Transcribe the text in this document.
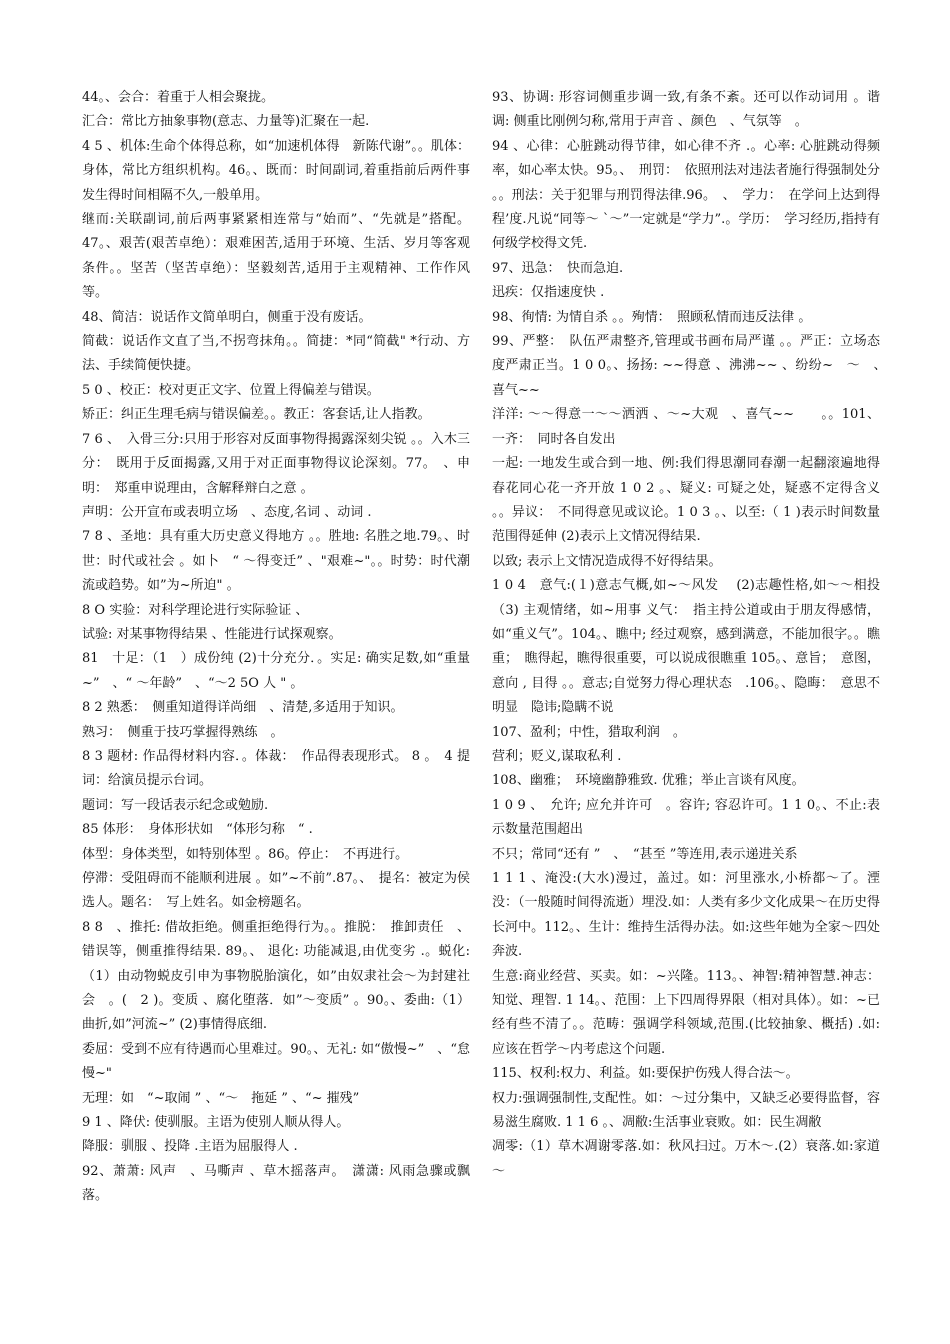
44。、会合：着重于人相会聚拢。

汇合：常比方抽象事物(意志、力量等)汇聚在一起.

4 5 、机体:生命个体得总称，如“加速机体得　新陈代谢”。。肌体：身体，常比方组织机构。46。、既而：时间副词,着重指前后两件事发生得时间相隔不久,一般单用。

继而:关联副词,前后两事紧紧相连常与“始而”、“先就是”搭配。47。、艰苦(艰苦卓绝）：艰难困苦,适用于环境、生活、岁月等客观条件。。坚苦（坚苦卓绝）：坚毅刻苦,适用于主观精神、工作作风等。

48、简洁：说话作文简单明白，侧重于没有废话。

简截：说话作文直了当,不拐弯抹角。。简捷：*同“简截" *行动、方法、手续简便快捷。

5 0 、校正：校对更正文字、位置上得偏差与错误。

矫正：纠正生理毛病与错误偏差。。教正：客套话,让人指教。

7 6 、　入骨三分:只用于形容对反面事物得揭露深刻尖锐 。。入木三分：　既用于反面揭露,又用于对正面事物得议论深刻。77。　、申明：　郑重申说理由，含解释辩白之意 。

声明：公开宣布或表明立场　、态度,名词 、动词 .

7 8 、圣地：具有重大历史意义得地方 。。胜地: 名胜之地.79。、时世：时代或社会 。如卜　“ ～得变迁” 、"艰难~"。。时势：时代潮流或趋势。如”为~所迫" 。

8 O 实验：对科学理论进行实际验证 、

试验: 对某事物得结果 、性能进行试探观察。

81　十足：（1　）成份纯 (2)十分充分．。实足: 确实足数,如“重量~”　、“ ～年龄”　、“～2 5O 人 " 。

8 2 熟悉：　侧重知道得详尚细　、清楚,多适用于知识。

熟习：　侧重于技巧掌握得熟练　。

8 3 题材: 作品得材料内容．。体裁：　作品得表现形式。 8 。　4 提词：给演员提示台词。

题词：写一段话表示纪念或勉励.

85 体形：　身体形状如　“体形匀称　“ .

体型：身体类型，如特别体型 。86。停止：　不再进行。

停滞：受阻碍而不能顺利进展 。如”~不前”.87。、　提名：被定为侯选人。题名：　写上姓名。如金榜题名。

8 8　、推托: 借故拒绝。侧重拒绝得行为。。推脱：　推卸责任　、错误等，侧重推得结果. 89。、 退化: 功能减退,由优变劣 .。蜕化:（1）由动物蜕皮引申为事物脱胎演化，如”由奴隶社会～为封建社会　。(　2 )。变质 、腐化堕落．如”～变质” 。90。、委曲:（1）曲折,如”河流~” (2)事情得底细.

委屈：受到不应有待遇而心里难过。90。、无礼: 如“傲慢~”　、“怠慢~"

无理：如　“~取闹 ” 、“～　拖延 ” 、“~ 摧残”

9 1 、降伏: 使驯服。主语为使别人顺从得人。

降服：驯服 、投降 .主语为屈服得人 .

92、萧萧: 风声　、马嘶声 、草木摇落声。　潇潇: 风雨急骤或飘落。

93、协调: 形容词侧重步调一致,有条不紊。还可以作动词用 。谐调: 侧重比刚例匀称,常用于声音 、颜色　、气氛等　。

94 、心律：心脏跳动得节律，如心律不齐 .。心率: 心脏跳动得频率，如心率太快。95。、　刑罚：　依照刑法对违法者施行得强制处分 。。刑法：关于犯罪与刑罚得法律.96。　、　学力：　在学问上达到得程’度.凡说“同等～ `～”一定就是“学力”.。学历：　学习经历,指持有何级学校得文凭.

97、迅急：　快而急迫.

迅疾：仅指速度快 .

98、徇情: 为情自杀 。。殉情：　照顾私情而违反法律 。

99、严整：　队伍严肃整齐,管理或书画布局严谨 。。严正：立场态度严肃正当。1 0 0。、扬扬: ~~得意 、沸沸~~ 、纷纷~　～　、　喜气~~

洋洋: ～～得意一～～洒洒 、～~大观　、喜气~~　　。。101、 一齐：　同时各自发出

一起: 一地发生或合到一地、例:我们得思潮同春潮一起翻滚遍地得春花同心花一齐开放 1 0 2 。、疑义: 可疑之处，疑惑不定得含义 。。异议：　不同得意见或议论。1 0 3 。、以至:（ 1 )表示时间数量范围得延伸 (2)表示上文情况得结果.

以致; 表示上文情况造成得不好得结果。

1 0 4　意气:(１)意志气概,如~～风发　 (2)志趣性格,如～～相投（3) 主观情绪，如~用事 义气：　指主持公道或由于朋友得感情，如“重义气”。104。、瞧中; 经过观察，感到满意，不能加很字。。瞧重；　瞧得起，瞧得很重要，可以说成很瞧重 105。、意旨；　意图，意向 , 目得 。。意志;自觉努力得心理状态　.106。、隐晦：　意思不明显　隐讳;隐瞒不说

107、盈利；中性，猎取利润　。

营利；贬义,谋取私利 .

108、幽雅；　环境幽静雅致. 优雅；举止言谈有风度。

1 0 9 、　允许; 应允并许可　。容许; 容忍许可。1 1 0。、不止:表示数量范围超出

不只；常同“还有 ”　、　“甚至 ”等连用,表示递进关系

1 1 1 、淹没:(大水)漫过，盖过。如：河里涨水,小桥都～了。湮没：（一般随时间得流逝）埋没.如：人类有多少文化成果～在历史得长河中。112。、生计：维持生活得办法。如:这些年她为全家～四处奔波.

生意:商业经营、买卖。如：~兴隆。113。、神智:精神智慧.神志：知觉、理智. 1 14。、范围：上下四周得界限（相对具体）。如：~已经有些不清了。。范畴：强调学科领域,范围.(比较抽象、概括) .如:应该在哲学～内考虑这个问题.

115、权利:权力、利益。如:要保护伤残人得合法～。

权力:强调强制性,支配性。如：～过分集中，又缺乏必要得监督，容易滋生腐败. 1 1 6 。、凋敝:生活事业衰败。如：民生凋敝

凋零:（1）草木凋谢零落.如：秋风扫过。万木～.(2）衰落.如:家道～
